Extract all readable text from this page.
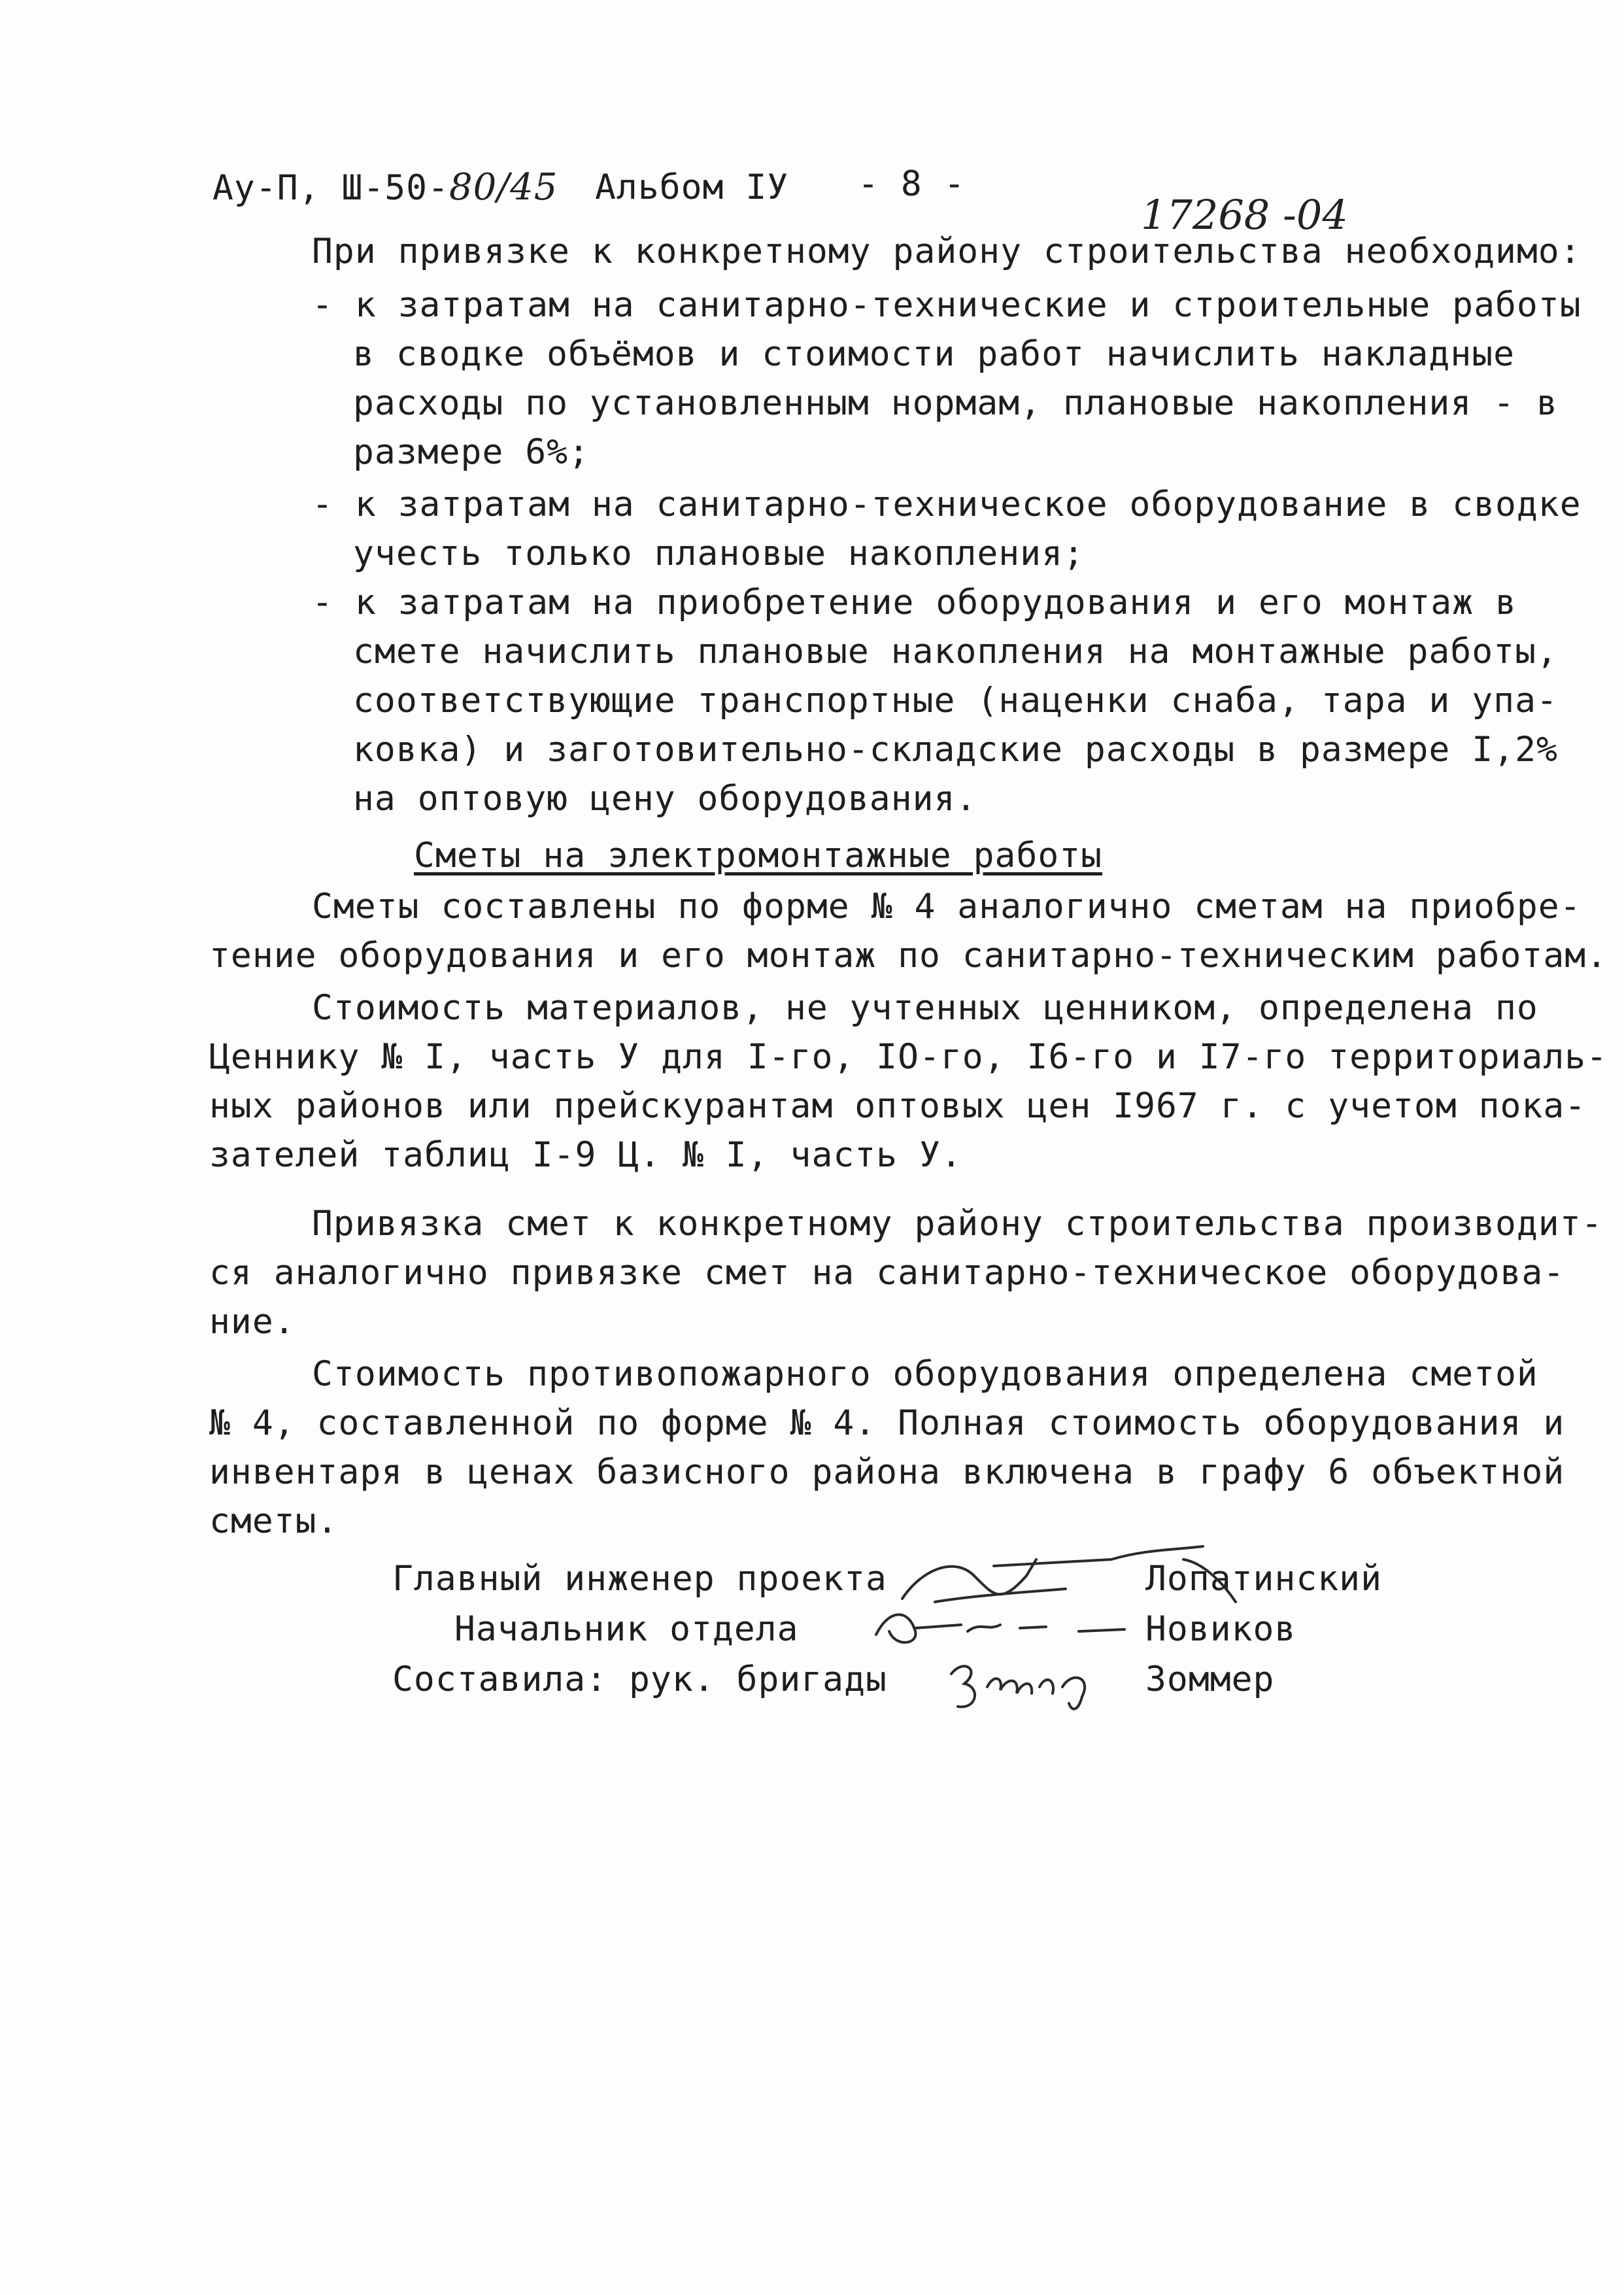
Ау-П, Ш-50-80/45 Альбом IУ - 8 -
17268 -04
При привязке к конкретному району строительства необходимо:
- к затратам на санитарно-технические и строительные работы
в сводке объёмов и стоимости работ начислить накладные
расходы по установленным нормам, плановые накопления - в
размере 6%;
- к затратам на санитарно-техническое оборудование в сводке
учесть только плановые накопления;
- к затратам на приобретение оборудования и его монтаж в
смете начислить плановые накопления на монтажные работы,
соответствующие транспортные (наценки снаба, тара и упа-
ковка) и заготовительно-складские расходы в размере I,2%
на оптовую цену оборудования.
Сметы на электромонтажные работы
Сметы составлены по форме № 4 аналогично сметам на приобре-
тение оборудования и его монтаж по санитарно-техническим работам.
Стоимость материалов, не учтенных ценником, определена по
Ценнику № I, часть У для I-го, IO-го, I6-го и I7-го территориаль-
ных районов или прейскурантам оптовых цен I967 г. с учетом пока-
зателей таблиц I-9 Ц. № I, часть У.
Привязка смет к конкретному району строительства производит-
ся аналогично привязке смет на санитарно-техническое оборудова-
ние.
Стоимость противопожарного оборудования определена сметой
№ 4, составленной по форме № 4. Полная стоимость оборудования и
инвентаря в ценах базисного района включена в графу 6 объектной
сметы.
Главный инженер проекта
Начальник отдела
Составила: рук. бригады
Лопатинский
Новиков
Зоммер
